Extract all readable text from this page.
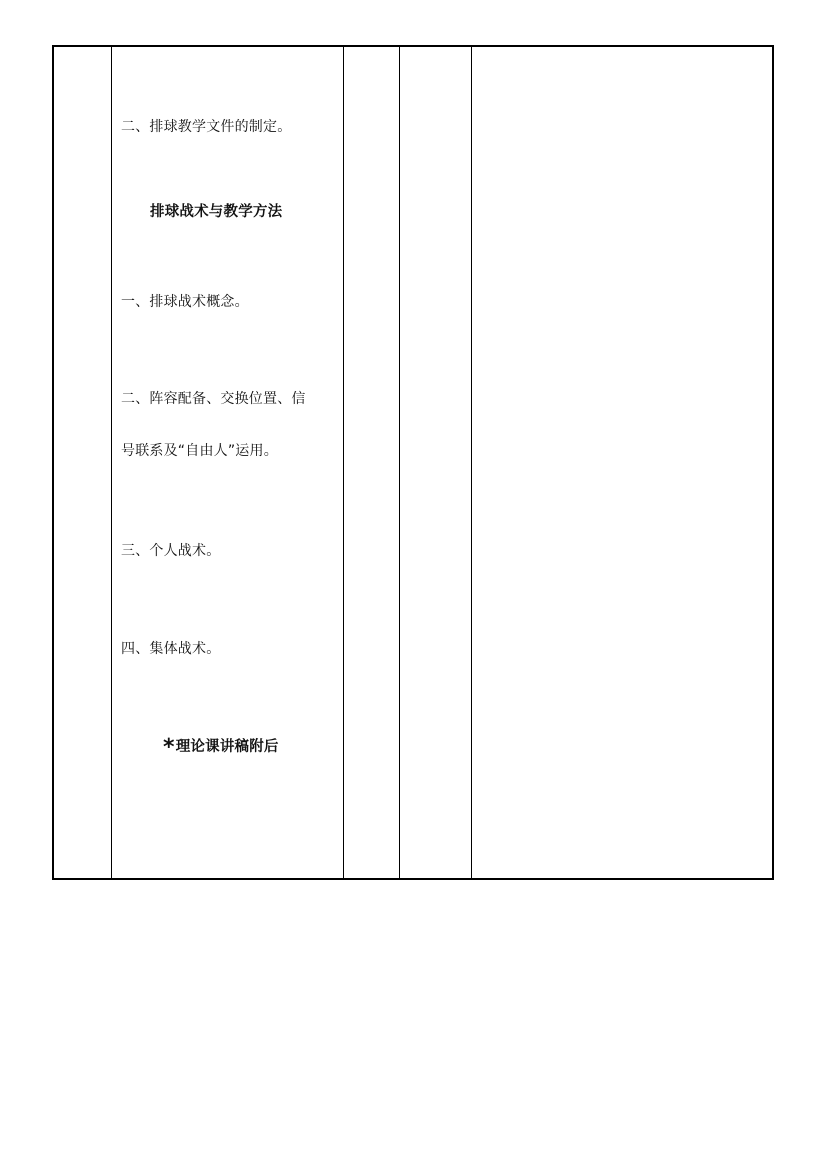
二、排球教学文件的制定。
排球战术与教学方法
一、排球战术概念。
二、阵容配备、交换位置、信
号联系及“自由人”运用。
三、个人战术。
四、集体战术。
*理论课讲稿附后
